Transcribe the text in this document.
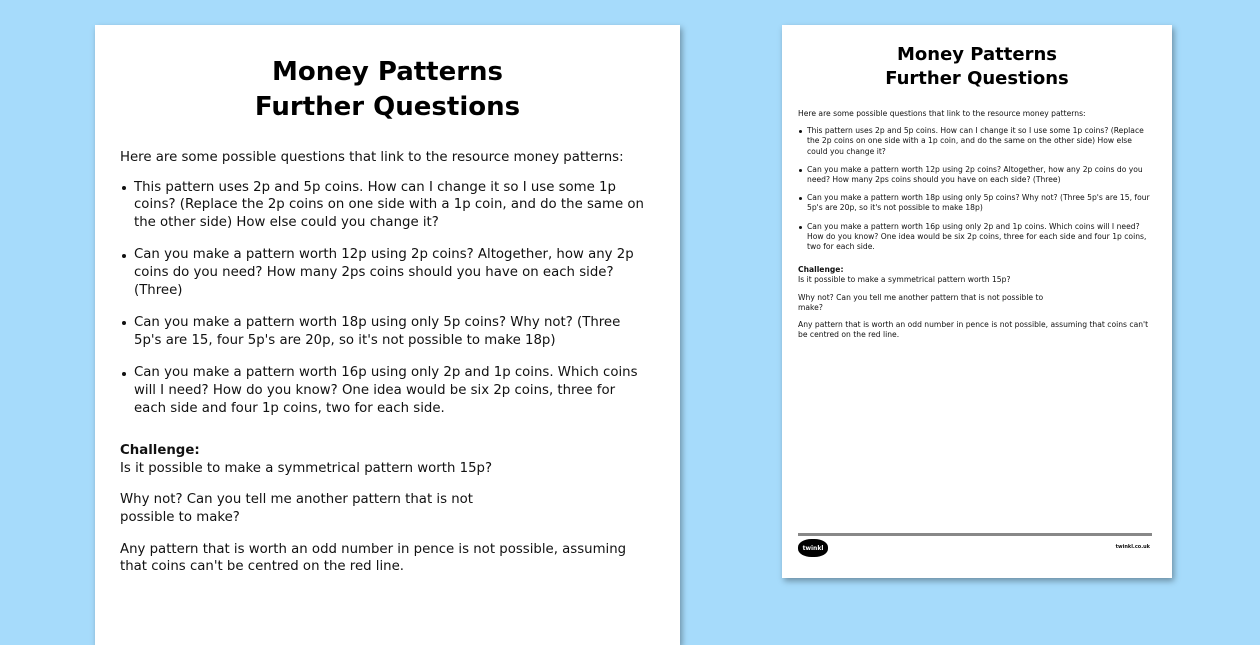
Money Patterns
Further Questions

Here are some possible questions that link to the resource money patterns:

This pattern uses 2p and 5p coins. How can I change it so I use some 1p coins? (Replace the 2p coins on one side with a 1p coin, and do the same on the other side) How else could you change it?
Can you make a pattern worth 12p using 2p coins? Altogether, how any 2p coins do you need? How many 2ps coins should you have on each side? (Three)
Can you make a pattern worth 18p using only 5p coins? Why not? (Three 5p's are 15, four 5p's are 20p, so it's not possible to make 18p)
Can you make a pattern worth 16p using only 2p and 1p coins. Which coins will I need? How do you know? One idea would be six 2p coins, three for each side and four 1p coins, two for each side.

Challenge:

Is it possible to make a symmetrical pattern worth 15p?

Why not? Can you tell me another pattern that is not possible to make?

Any pattern that is worth an odd number in pence is not possible, assuming that coins can't be centred on the red line.

Money Patterns
Further Questions

Here are some possible questions that link to the resource money patterns:

This pattern uses 2p and 5p coins. How can I change it so I use some 1p coins? (Replace the 2p coins on one side with a 1p coin, and do the same on the other side) How else could you change it?
Can you make a pattern worth 12p using 2p coins? Altogether, how any 2p coins do you need? How many 2ps coins should you have on each side? (Three)
Can you make a pattern worth 18p using only 5p coins? Why not? (Three 5p's are 15, four 5p's are 20p, so it's not possible to make 18p)
Can you make a pattern worth 16p using only 2p and 1p coins. Which coins will I need? How do you know? One idea would be six 2p coins, three for each side and four 1p coins, two for each side.

Challenge:

Is it possible to make a symmetrical pattern worth 15p?

Why not? Can you tell me another pattern that is not possible to make?

Any pattern that is worth an odd number in pence is not possible, assuming that coins can't be centred on the red line.

twinkl	twinkl.co.uk
